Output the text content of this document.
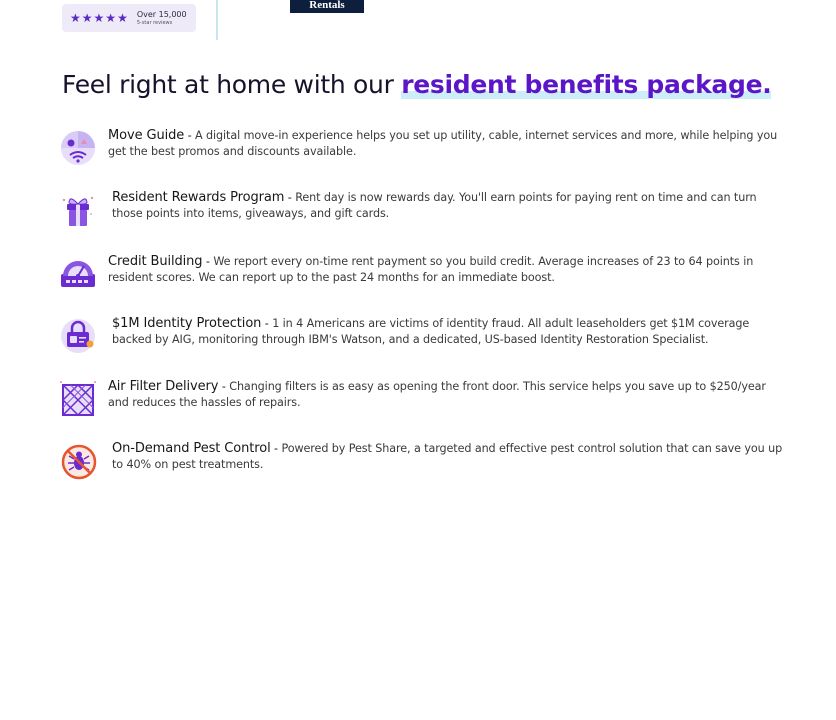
★ ★ ★ ★ ★ Over 15,000
5-star reviews
Rentals
Feel right at home with our resident benefits package.
Move Guide - A digital move-in experience helps you set up utility, cable, internet services and more, while helping you get the best promos and discounts available.
Resident Rewards Program - Rent day is now rewards day. You'll earn points for paying rent on time and can turn those points into items, giveaways, and gift cards.
Credit Building - We report every on-time rent payment so you build credit. Average increases of 23 to 64 points in resident scores. We can report up to the past 24 months for an immediate boost.
$1M Identity Protection - 1 in 4 Americans are victims of identity fraud. All adult leaseholders get $1M coverage backed by AIG, monitoring through IBM's Watson, and a dedicated, US-based Identity Restoration Specialist.
Air Filter Delivery - Changing filters is as easy as opening the front door. This service helps you save up to $250/year and reduces the hassles of repairs.
On-Demand Pest Control - Powered by Pest Share, a targeted and effective pest control solution that can save you up to 40% on pest treatments.
